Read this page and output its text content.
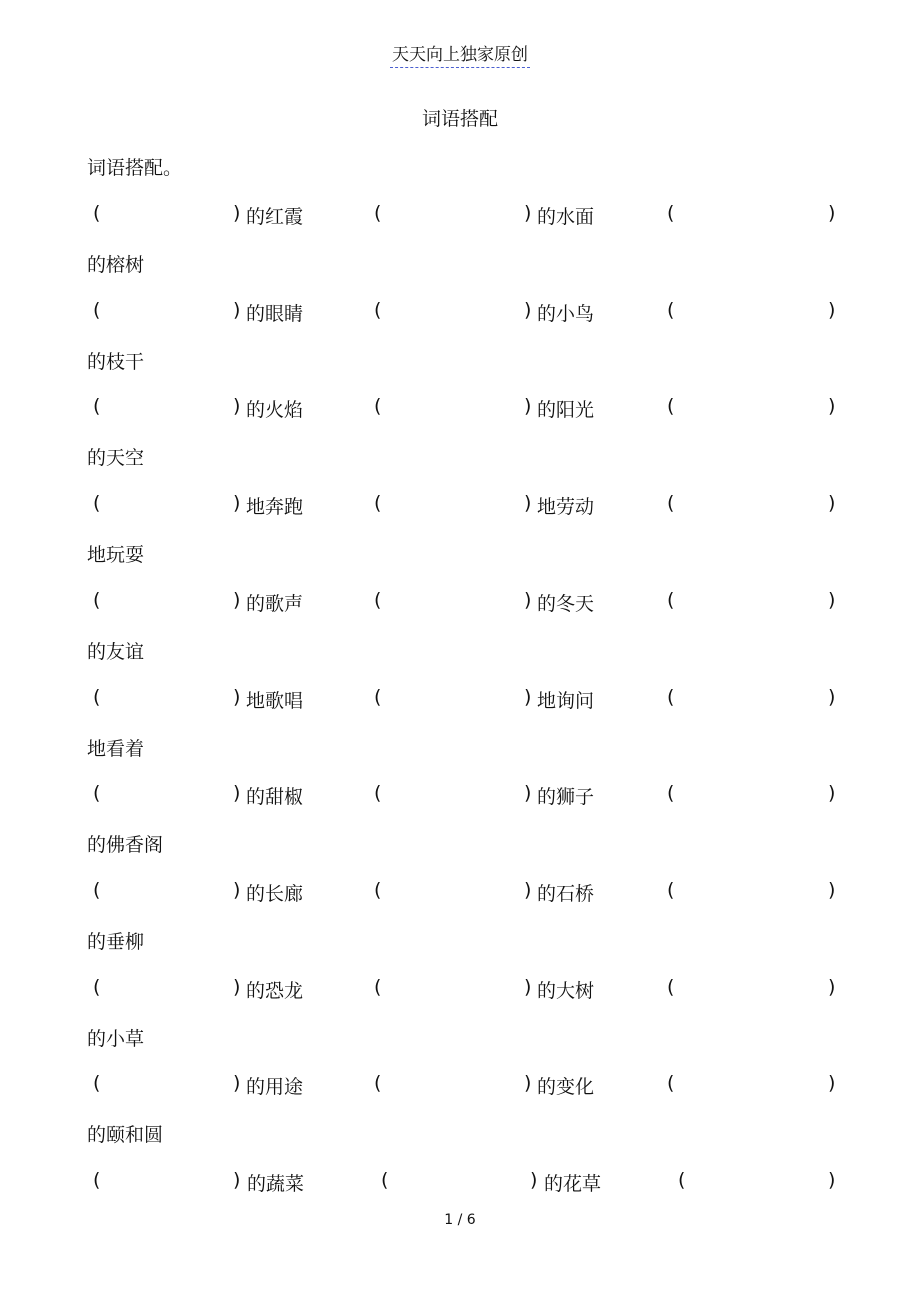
天天向上独家原创
词语搭配
词语搭配。
(	) 的红霞	(	) 的水面	(	)
的榕树
(	) 的眼睛	(	) 的小鸟	(	)
的枝干
(	) 的火焰	(	) 的阳光	(	)
的天空
(	) 地奔跑	(	) 地劳动	(	)
地玩耍
(	) 的歌声	(	) 的冬天	(	)
的友谊
(	) 地歌唱	(	) 地询问	(	)
地看着
(	) 的甜椒	(	) 的狮子	(	)
的佛香阁
(	) 的长廊	(	) 的石桥	(	)
的垂柳
(	) 的恐龙	(	) 的大树	(	)
的小草
(	) 的用途	(	) 的变化	(	)
的颐和圆
(	) 的蔬菜	(	) 的花草	(	)
1 / 6
